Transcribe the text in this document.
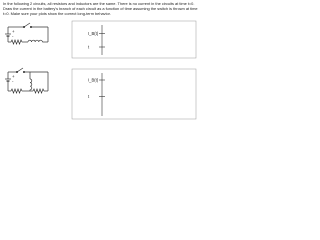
In the following 2 circuits, all resistors and inductors are the same. There is no current in the circuits at time t=0. Draw the current in the battery's branch of each circuit as a function of time assuming the switch is thrown at time t=0. Make sure your plots show the correct long-term behavior.

+
-
I_B(t)
t
+
-	I_B(t)
t
